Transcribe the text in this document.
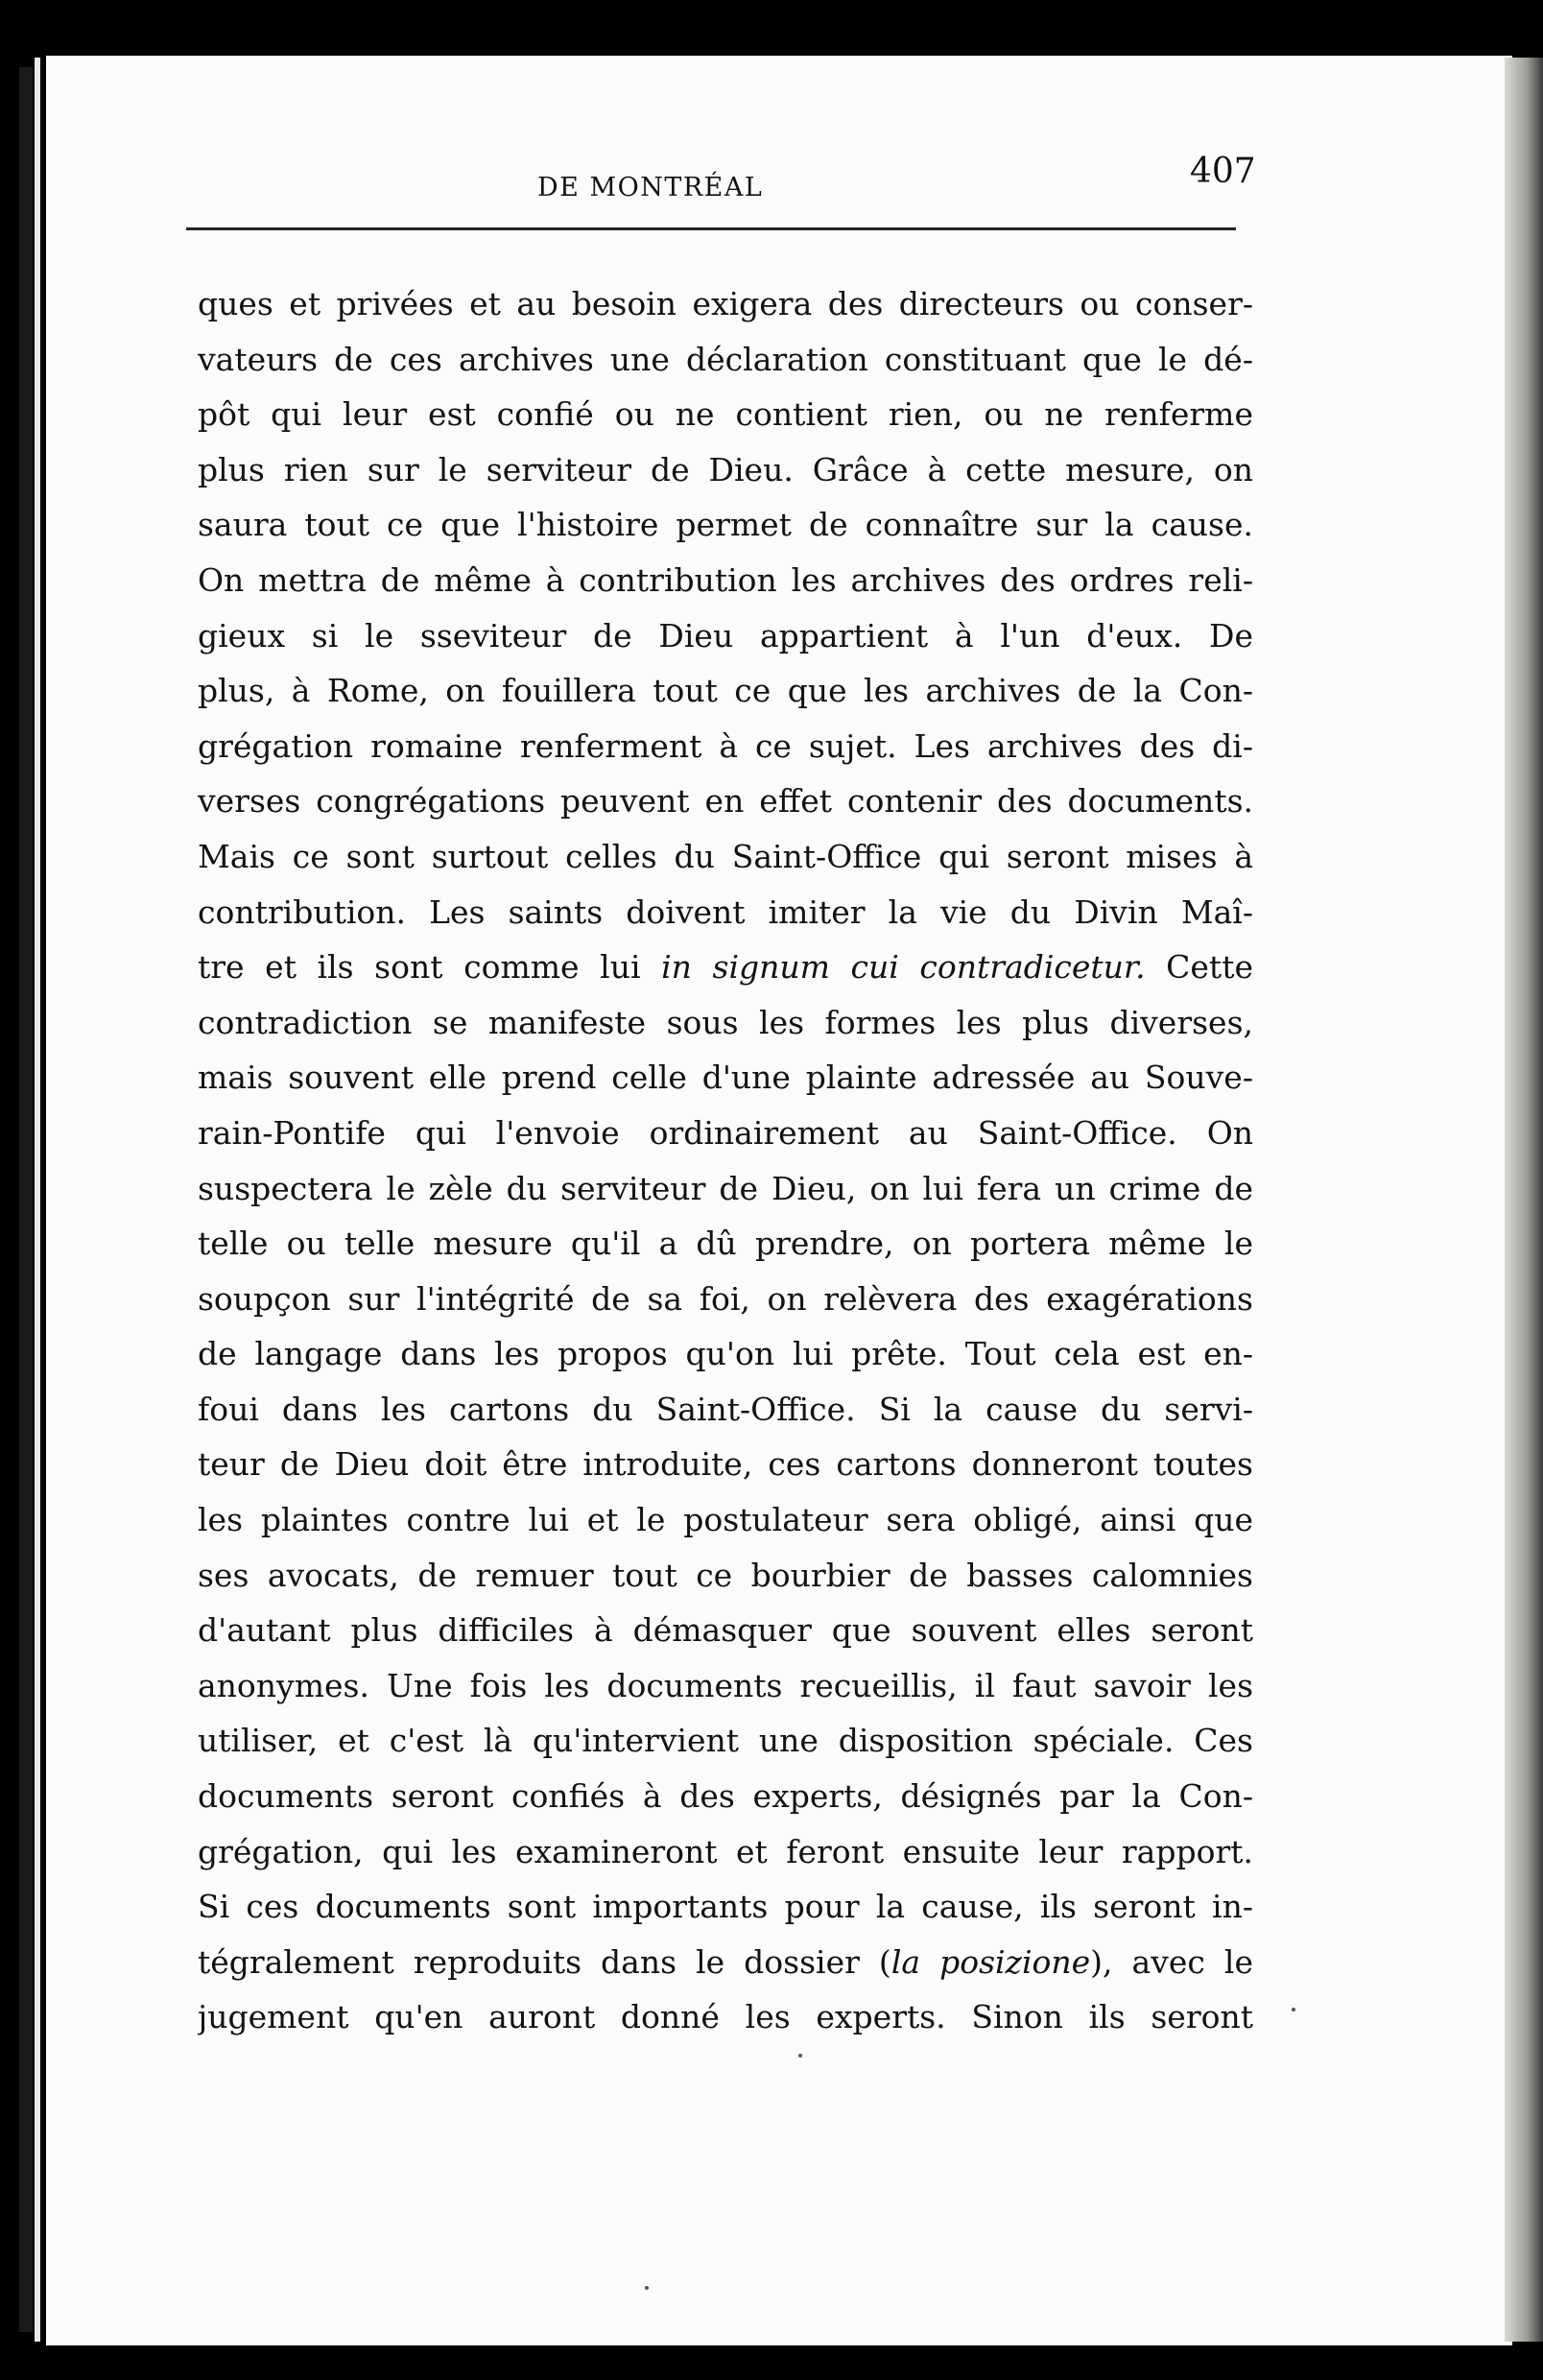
DE MONTRÉAL	407
ques et privées et au besoin exigera des directeurs ou conser-
vateurs de ces archives une déclaration constituant que le dé-
pôt qui leur est confié ou ne contient rien, ou ne renferme
plus rien sur le serviteur de Dieu. Grâce à cette mesure, on
saura tout ce que l'histoire permet de connaître sur la cause.
On mettra de même à contribution les archives des ordres reli-
gieux si le sseviteur de Dieu appartient à l'un d'eux. De
plus, à Rome, on fouillera tout ce que les archives de la Con-
grégation romaine renferment à ce sujet. Les archives des di-
verses congrégations peuvent en effet contenir des documents.
Mais ce sont surtout celles du Saint-Office qui seront mises à
contribution. Les saints doivent imiter la vie du Divin Maî-
tre et ils sont comme lui in signum cui contradicetur. Cette
contradiction se manifeste sous les formes les plus diverses,
mais souvent elle prend celle d'une plainte adressée au Souve-
rain-Pontife qui l'envoie ordinairement au Saint-Office. On
suspectera le zèle du serviteur de Dieu, on lui fera un crime de
telle ou telle mesure qu'il a dû prendre, on portera même le
soupçon sur l'intégrité de sa foi, on relèvera des exagérations
de langage dans les propos qu'on lui prête. Tout cela est en-
foui dans les cartons du Saint-Office. Si la cause du servi-
teur de Dieu doit être introduite, ces cartons donneront toutes
les plaintes contre lui et le postulateur sera obligé, ainsi que
ses avocats, de remuer tout ce bourbier de basses calomnies
d'autant plus difficiles à démasquer que souvent elles seront
anonymes. Une fois les documents recueillis, il faut savoir les
utiliser, et c'est là qu'intervient une disposition spéciale. Ces
documents seront confiés à des experts, désignés par la Con-
grégation, qui les examineront et feront ensuite leur rapport.
Si ces documents sont importants pour la cause, ils seront in-
tégralement reproduits dans le dossier (la posizione), avec le
jugement qu'en auront donné les experts. Sinon ils seront
